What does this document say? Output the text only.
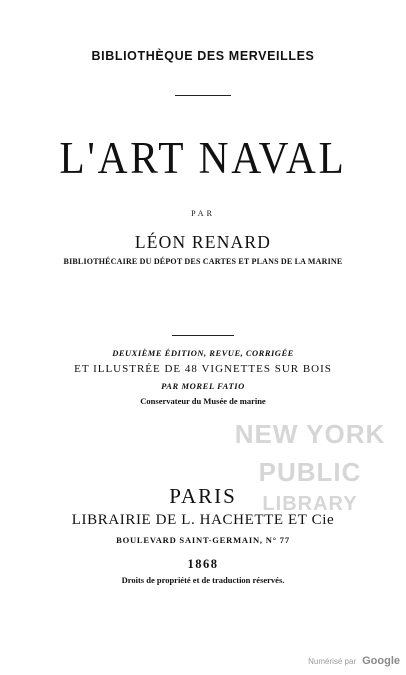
BIBLIOTHÈQUE DES MERVEILLES
L'ART NAVAL
PAR
LÉON RENARD
BIBLIOTHÉCAIRE DU DÉPOT DES CARTES ET PLANS DE LA MARINE
DEUXIÈME ÉDITION, REVUE, CORRIGÉE
ET ILLUSTRÉE DE 48 VIGNETTES SUR BOIS
PAR MOREL FATIO
Conservateur du Musée de marine
NEW YORK
PUBLIC
LIBRARY
PARIS
LIBRAIRIE DE L. HACHETTE ET Cie
BOULEVARD SAINT-GERMAIN, N° 77
1868
Droits de propriété et de traduction réservés.
Numérisé par Google
